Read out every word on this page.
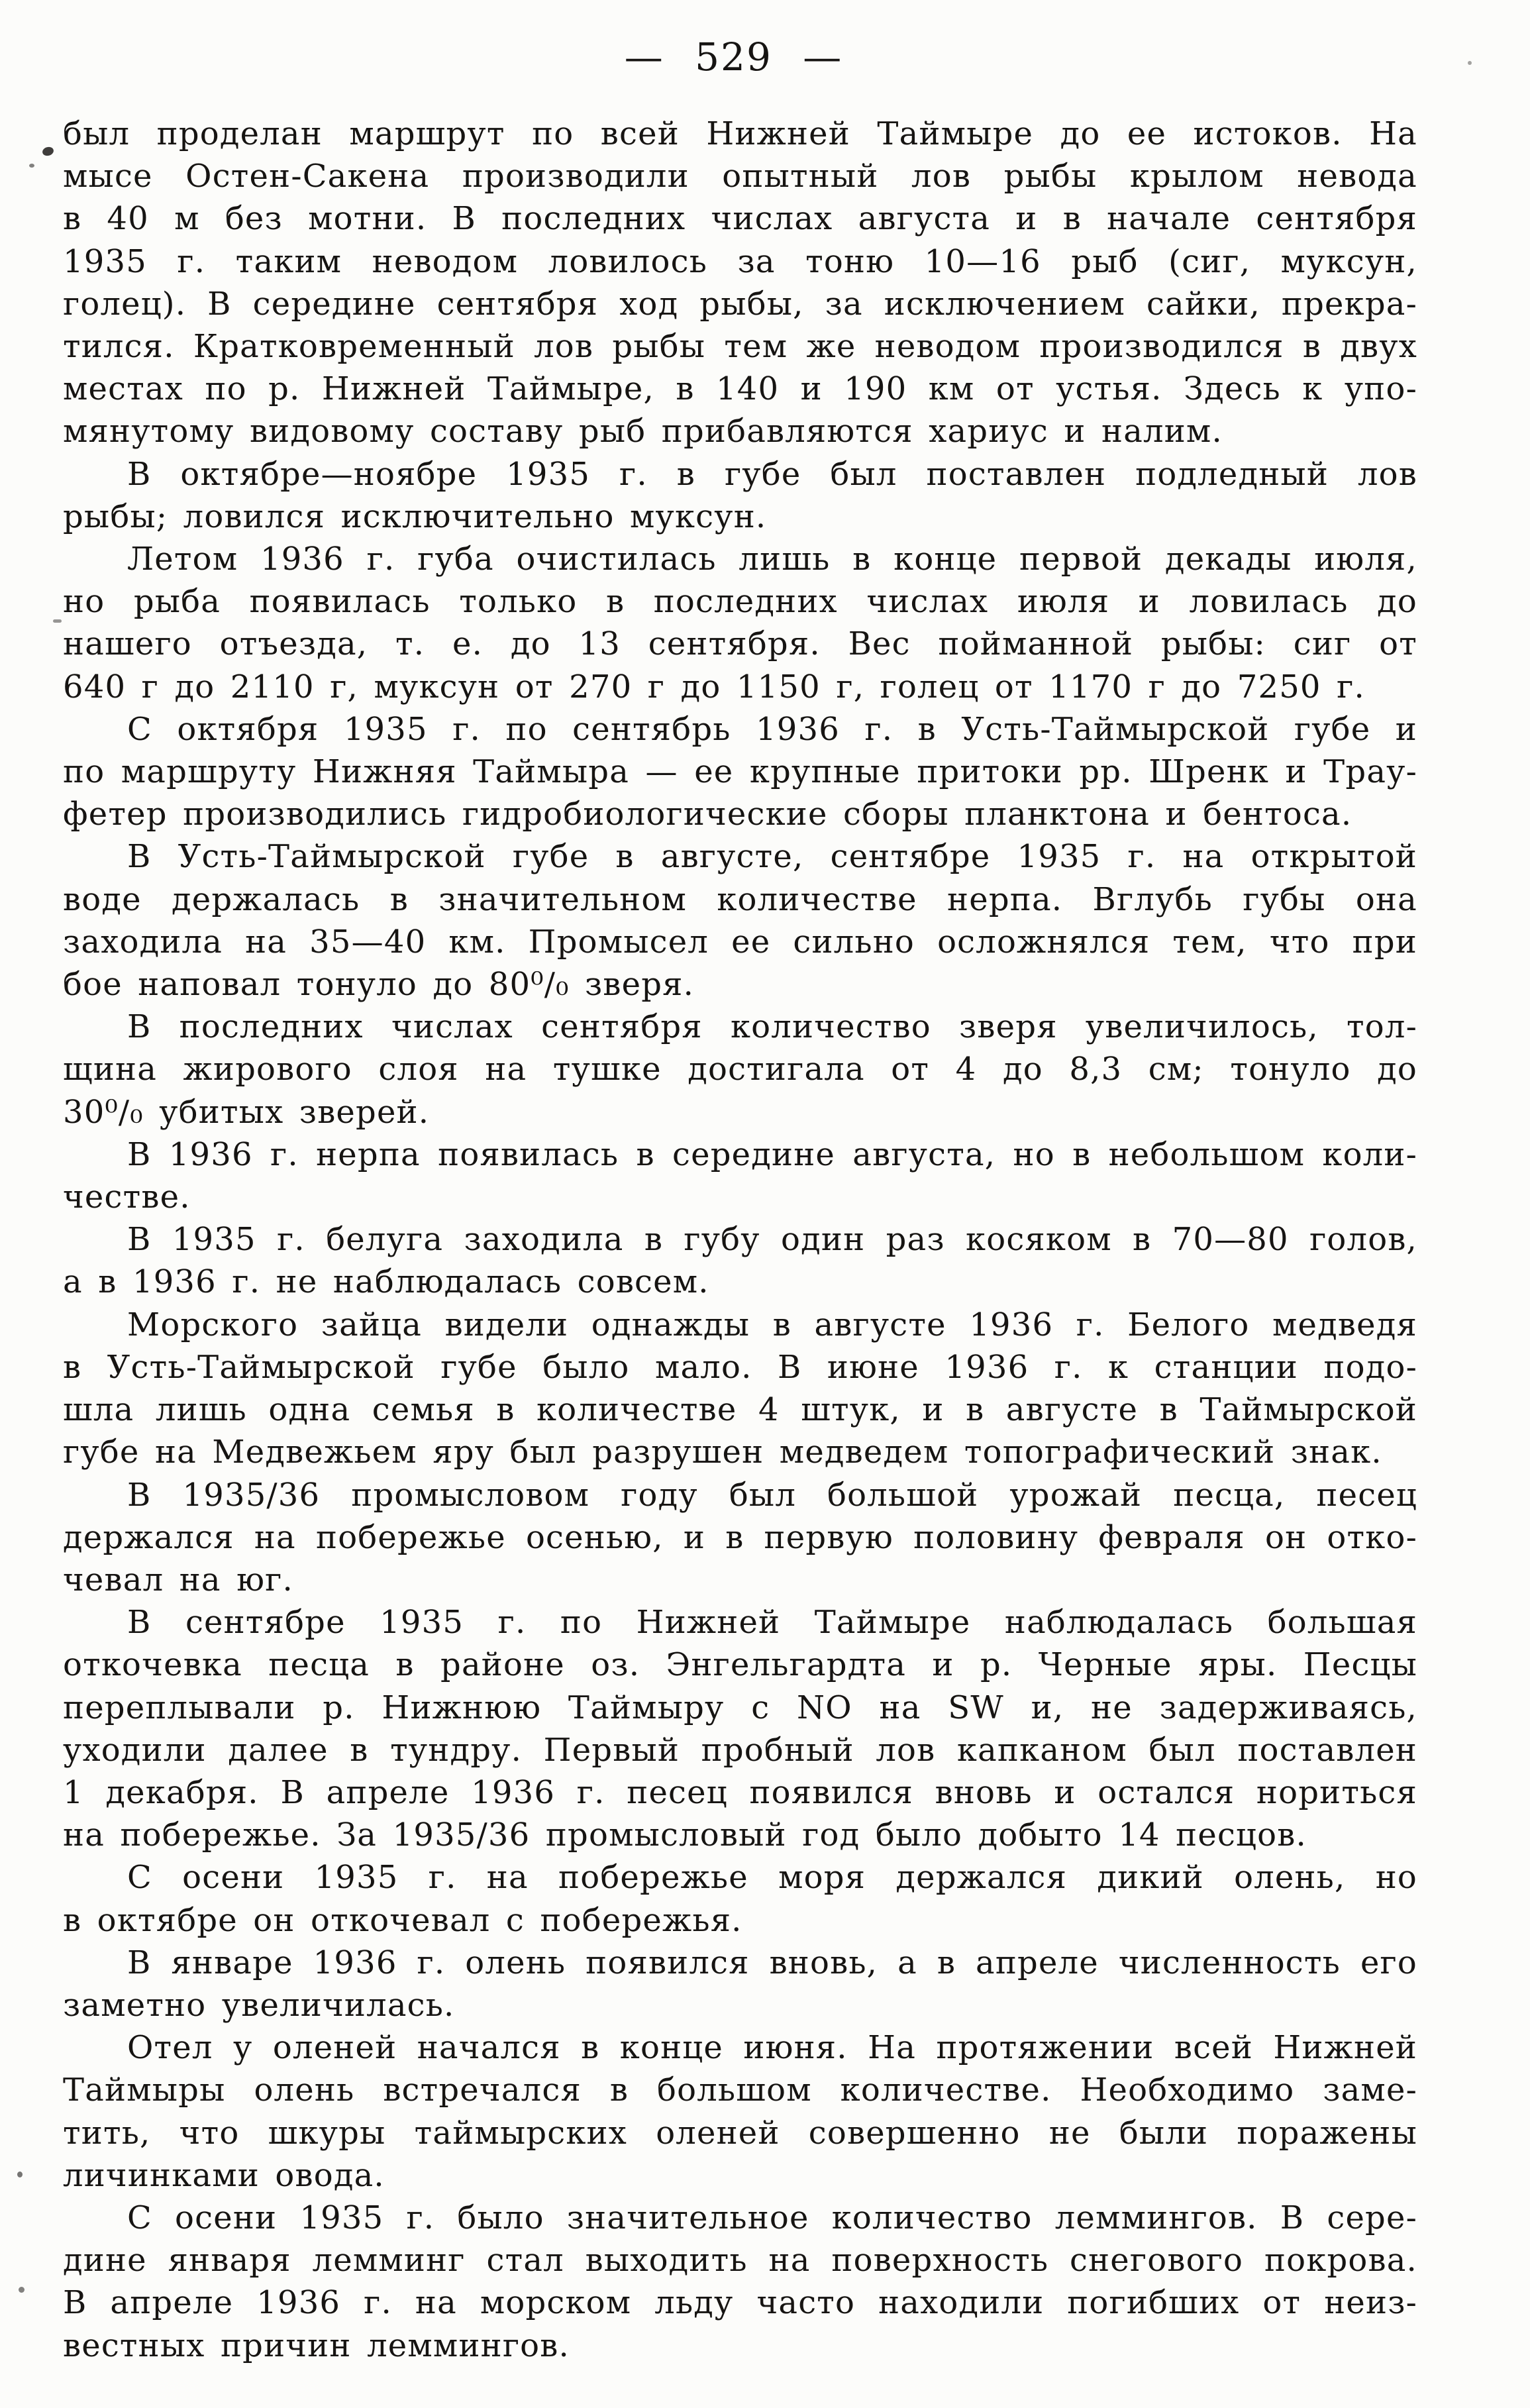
— 529 —

был проделан маршрут по всей Нижней Таймыре до ее истоков. На
мысе Остен-Сакена производили опытный лов рыбы крылом невода
в 40 м без мотни. В последних числах августа и в начале сентября
1935 г. таким неводом ловилось за тоню 10—16 рыб (сиг, муксун,
голец). В середине сентября ход рыбы, за исключением сайки, прекра-
тился. Кратковременный лов рыбы тем же неводом производился в двух
местах по р. Нижней Таймыре, в 140 и 190 км от устья. Здесь к упо-
мянутому видовому составу рыб прибавляются хариус и налим.

В октябре—ноябре 1935 г. в губе был поставлен подледный лов
рыбы; ловился исключительно муксун.

Летом 1936 г. губа очистилась лишь в конце первой декады июля,
но рыба появилась только в последних числах июля и ловилась до
нашего отъезда, т. е. до 13 сентября. Вес пойманной рыбы: сиг от
640 г до 2110 г, муксун от 270 г до 1150 г, голец от 1170 г до 7250 г.

С октября 1935 г. по сентябрь 1936 г. в Усть-Таймырской губе и
по маршруту Нижняя Таймыра — ее крупные притоки рр. Шренк и Трау-
фетер производились гидробиологические сборы планктона и бентоса.

В Усть-Таймырской губе в августе, сентябре 1935 г. на открытой
воде держалась в значительном количестве нерпа. Вглубь губы она
заходила на 35—40 км. Промысел ее сильно осложнялся тем, что при
бое наповал тонуло до 80⁰/₀ зверя.

В последних числах сентября количество зверя увеличилось, тол-
щина жирового слоя на тушке достигала от 4 до 8,3 см; тонуло до
30⁰/₀ убитых зверей.

В 1936 г. нерпа появилась в середине августа, но в небольшом коли-
честве.

В 1935 г. белуга заходила в губу один раз косяком в 70—80 голов,
а в 1936 г. не наблюдалась совсем.

Морского зайца видели однажды в августе 1936 г. Белого медведя
в Усть-Таймырской губе было мало. В июне 1936 г. к станции подо-
шла лишь одна семья в количестве 4 штук, и в августе в Таймырской
губе на Медвежьем яру был разрушен медведем топографический знак.

В 1935/36 промысловом году был большой урожай песца, песец
держался на побережье осенью, и в первую половину февраля он отко-
чевал на юг.

В сентябре 1935 г. по Нижней Таймыре наблюдалась большая
откочевка песца в районе оз. Энгельгардта и р. Черные яры. Песцы
переплывали р. Нижнюю Таймыру с NO на SW и, не задерживаясь,
уходили далее в тундру. Первый пробный лов капканом был поставлен
1 декабря. В апреле 1936 г. песец появился вновь и остался нориться
на побережье. За 1935/36 промысловый год было добыто 14 песцов.

С осени 1935 г. на побережье моря держался дикий олень, но
в октябре он откочевал с побережья.

В январе 1936 г. олень появился вновь, а в апреле численность его
заметно увеличилась.

Отел у оленей начался в конце июня. На протяжении всей Нижней
Таймыры олень встречался в большом количестве. Необходимо заме-
тить, что шкуры таймырских оленей совершенно не были поражены
личинками овода.

С осени 1935 г. было значительное количество леммингов. В сере-
дине января лемминг стал выходить на поверхность снегового покрова.
В апреле 1936 г. на морском льду часто находили погибших от неиз-
вестных причин леммингов.
